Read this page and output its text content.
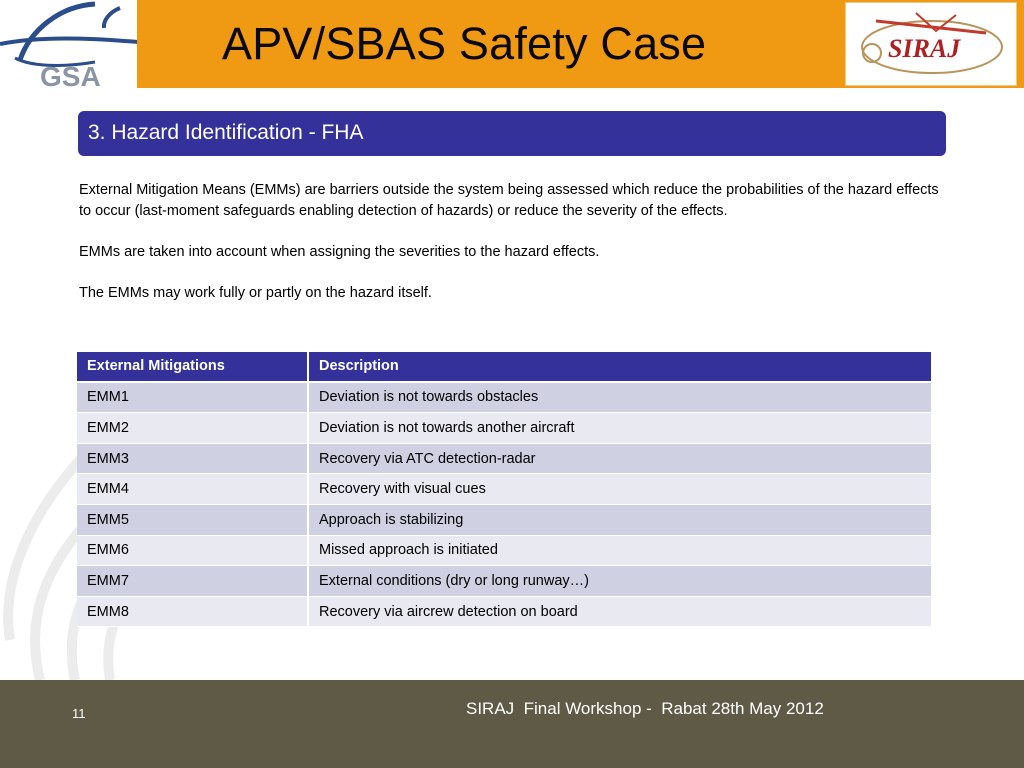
GSA
APV/SBAS Safety Case	SIRAJ
3. Hazard Identification - FHA

External Mitigation Means (EMMs) are barriers outside the system being assessed which reduce the probabilities of the hazard effects to occur (last-moment safeguards enabling detection of hazards) or reduce the severity of the effects.

EMMs are taken into account when assigning the severities to the hazard effects.

The EMMs may work fully or partly on the hazard itself.

External Mitigations	Description
EMM1	Deviation is not towards obstacles
EMM2	Deviation is not towards another aircraft
EMM3	Recovery via ATC detection-radar
EMM4	Recovery with visual cues
EMM5	Approach is stabilizing
EMM6	Missed approach is initiated
EMM7	External conditions (dry or long runway…)
EMM8	Recovery via aircrew detection on board
11	SIRAJ  Final Workshop -  Rabat 28th May 2012
